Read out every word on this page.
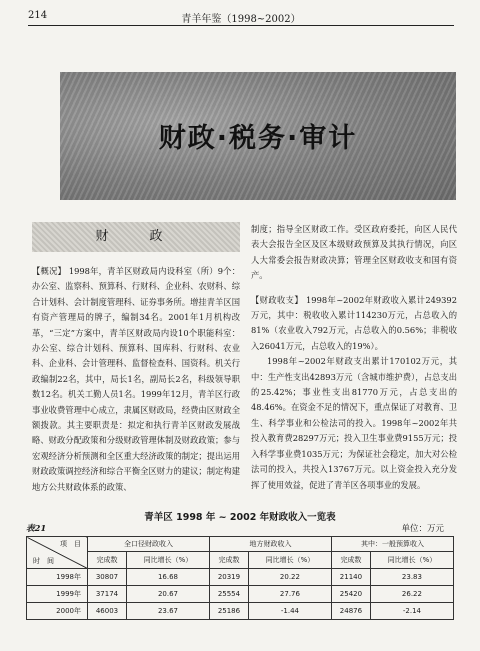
214	青羊年鉴（1998~2002）
财政·税务·审计
财　政

【概况】 1998年，青羊区财政局内设科室（所）9个：办公室、监察科、预算科、行财科、企业科、农财科、综合计划科、会计制度管理科、证券事务所。增挂青羊区国有资产管理局的牌子，编制34名。2001年1月机构改革，“三定”方案中，青羊区财政局内设10个职能科室：办公室、综合计划科、预算科、国库科、行财科、农业科、企业科、会计管理科、监督检查科、国资科。机关行政编制22名，其中，局长1名，副局长2名，科级领导职数12名。机关工勤人员1名。1999年12月，青羊区行政事业收费管理中心成立，隶属区财政局，经费由区财政全额拨款。其主要职责是：拟定和执行青羊区财政发展战略、财政分配政策和分级财政管理体制及财政政策；参与宏观经济分析预测和全区重大经济政策的制定；提出运用财政政策调控经济和综合平衡全区财力的建议；制定构建地方公共财政体系的政策、

制度；指导全区财政工作。受区政府委托，向区人民代表大会报告全区及区本级财政预算及其执行情况，向区人大常委会报告财政决算；管理全区财政收支和国有资产。

【财政收支】 1998年~2002年财政收入累计249392万元，其中：税收收入累计114230万元，占总收入的81%（农业收入792万元，占总收入的0.56%；非税收入26041万元，占总收入的19%）。

1998年~2002年财政支出累计170102万元，其中：生产性支出42893万元（含城市维护费），占总支出的25.42%；事业性支出81770万元，占总支出的48.46%。在资金不足的情况下，重点保证了对教育、卫生、科学事业和公检法司的投入。1998年~2002年共投入教育费28297万元；投入卫生事业费9155万元；投入科学事业费1035万元；为保证社会稳定，加大对公检法司的投入，共投入13767万元。以上资金投入充分发挥了使用效益，促进了青羊区各项事业的发展。

青羊区 1998 年 ~ 2002 年财政收入一览表
表21	单位：万元
项　目
时　间	全口径财政收入		地方财政收入		其中：一般预算收入	
	完成数	同比增长（%）	完成数	同比增长（%）	完成数	同比增长（%）
1998年	30807	16.68	20319	20.22	21140	23.83
1999年	37174	20.67	25554	27.76	25420	26.22
2000年	46003	23.67	25186	-1.44	24876	-2.14
